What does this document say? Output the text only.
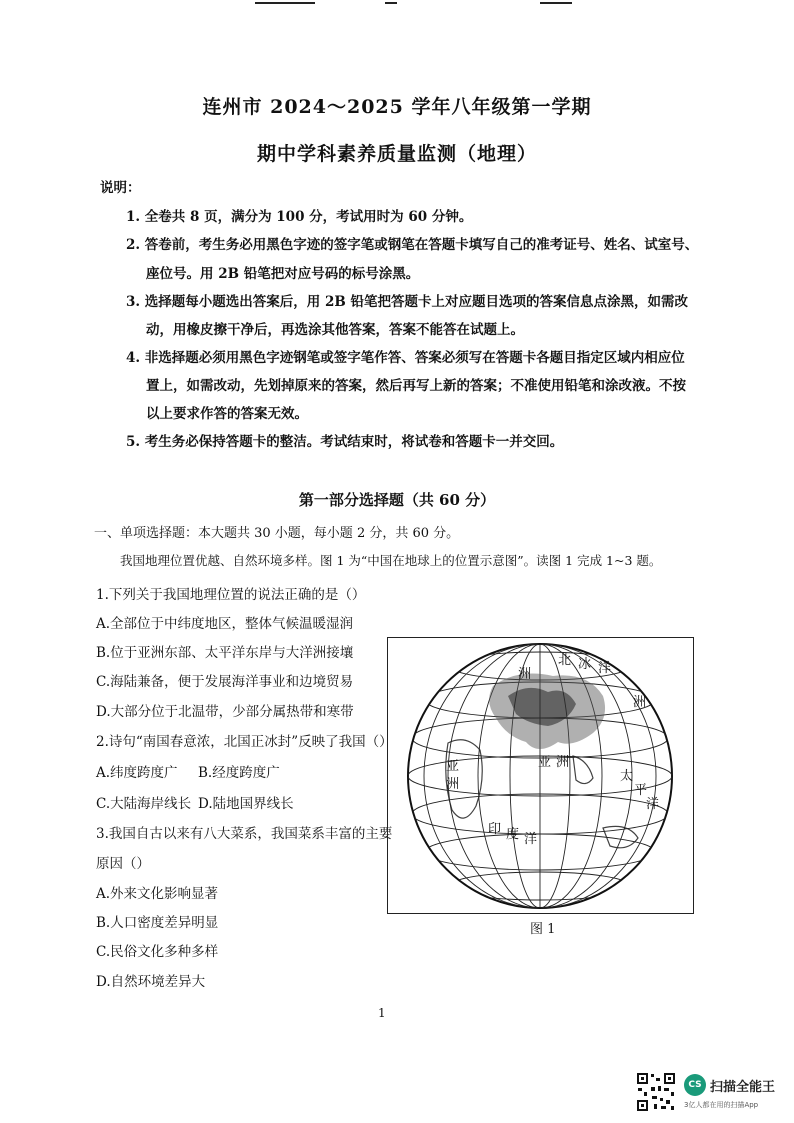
连州市 2024～2025 学年八年级第一学期
期中学科素养质量监测（地理）
说明：
1. 全卷共 8 页，满分为 100 分，考试用时为 60 分钟。
2. 答卷前，考生务必用黑色字迹的签字笔或钢笔在答题卡填写自己的准考证号、姓名、试室号、
座位号。用 2B 铅笔把对应号码的标号涂黑。
3. 选择题每小题选出答案后，用 2B 铅笔把答题卡上对应题目选项的答案信息点涂黑，如需改
动，用橡皮擦干净后，再选涂其他答案，答案不能答在试题上。
4. 非选择题必须用黑色字迹钢笔或签字笔作答、答案必须写在答题卡各题目指定区域内相应位
置上，如需改动，先划掉原来的答案，然后再写上新的答案；不准使用铅笔和涂改液。不按
以上要求作答的答案无效。
5. 考生务必保持答题卡的整洁。考试结束时，将试卷和答题卡一并交回。
第一部分选择题（共 60 分）
一、单项选择题：本大题共 30 小题，每小题 2 分，共 60 分。
我国地理位置优越、自然环境多样。图 1 为“中国在地球上的位置示意图”。读图 1 完成 1~3 题。
1.下列关于我国地理位置的说法正确的是（）
A.全部位于中纬度地区，整体气候温暖湿润
B.位于亚洲东部、太平洋东岸与大洋洲接壤
C.海陆兼备，便于发展海洋事业和边境贸易
D.大部分位于北温带，少部分属热带和寒带
2.诗句“南国春意浓，北国正冰封”反映了我国（）
A.纬度跨度广 B.经度跨度广
C.大陆海岸线长 D.陆地国界线长
3.我国自古以来有八大菜系，我国菜系丰富的主要
原因（）
A.外来文化影响显著
B.人口密度差异明显
C.民俗文化多种多样
D.自然环境差异大
洲
洲
亚
洲
印 度 洋
北 冰 洋
太
平
洋
亚 洲
图 1
1
CS 扫描全能王
3亿人都在用的扫描App
